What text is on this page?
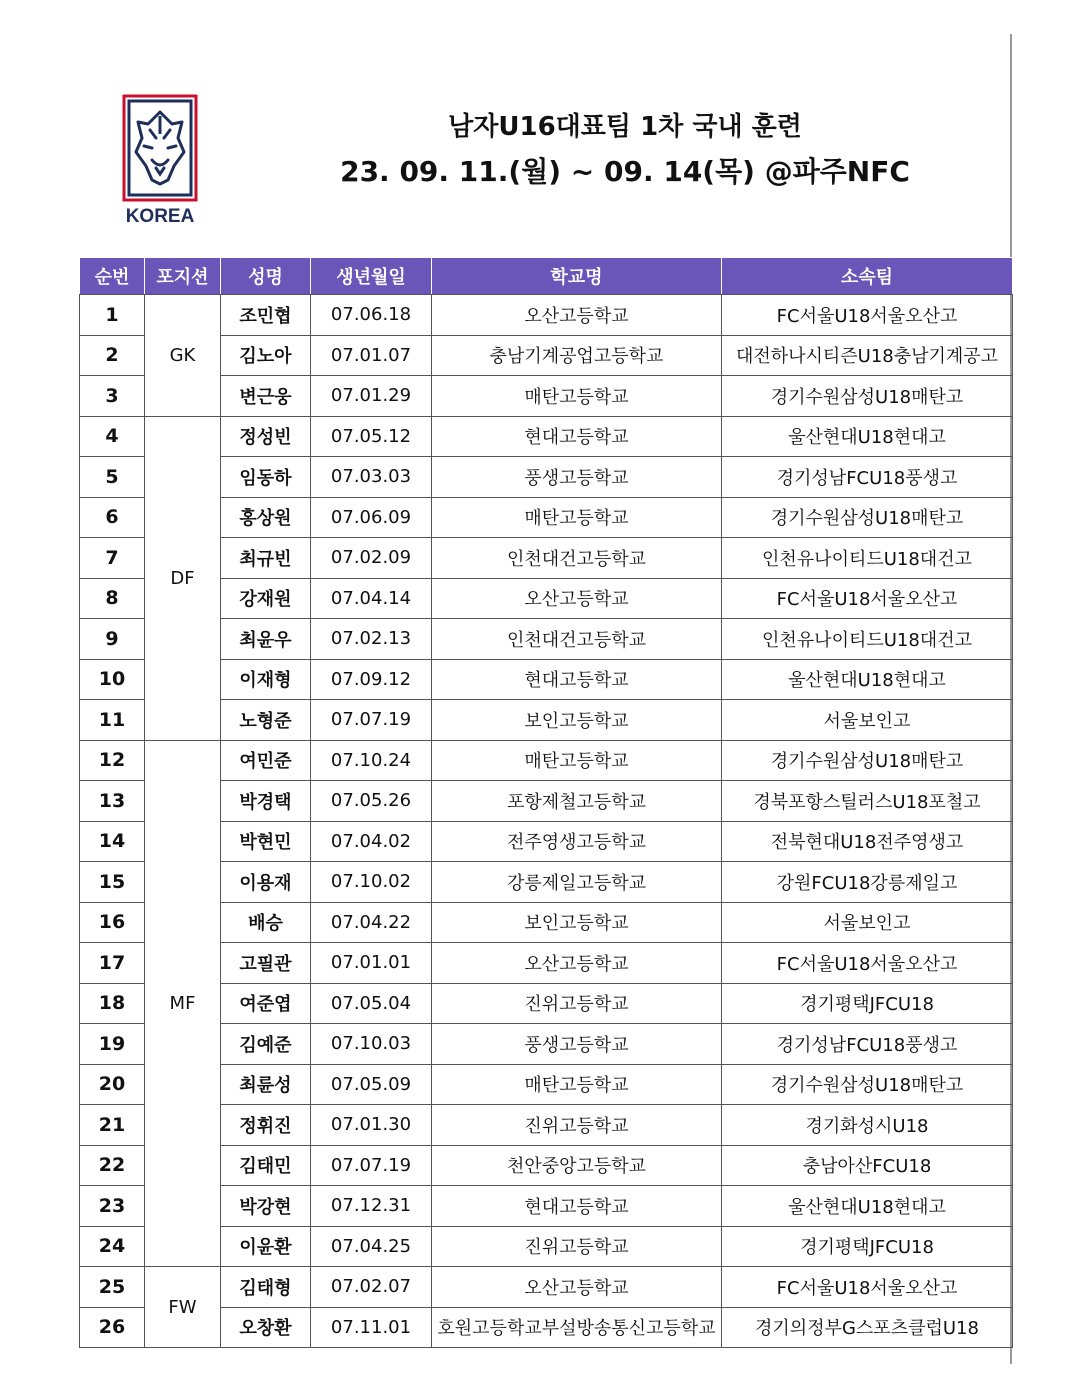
KOREA
남자U16대표팀 1차 국내 훈련
23. 09. 11.(월) ~ 09. 14(목) @파주NFC
순번	포지션	성명	생년월일	학교명	소속팀
1	GK	조민협	07.06.18	오산고등학교	FC서울U18서울오산고
2		김노아	07.01.07	충남기계공업고등학교	대전하나시티즌U18충남기계공고
3		변근웅	07.01.29	매탄고등학교	경기수원삼성U18매탄고
4	DF	정성빈	07.05.12	현대고등학교	울산현대U18현대고
5		임동하	07.03.03	풍생고등학교	경기성남FCU18풍생고
6		홍상원	07.06.09	매탄고등학교	경기수원삼성U18매탄고
7		최규빈	07.02.09	인천대건고등학교	인천유나이티드U18대건고
8		강재원	07.04.14	오산고등학교	FC서울U18서울오산고
9		최윤우	07.02.13	인천대건고등학교	인천유나이티드U18대건고
10		이재형	07.09.12	현대고등학교	울산현대U18현대고
11		노형준	07.07.19	보인고등학교	서울보인고
12	MF	여민준	07.10.24	매탄고등학교	경기수원삼성U18매탄고
13		박경택	07.05.26	포항제철고등학교	경북포항스틸러스U18포철고
14		박현민	07.04.02	전주영생고등학교	전북현대U18전주영생고
15		이용재	07.10.02	강릉제일고등학교	강원FCU18강릉제일고
16		배승	07.04.22	보인고등학교	서울보인고
17		고필관	07.01.01	오산고등학교	FC서울U18서울오산고
18		여준엽	07.05.04	진위고등학교	경기평택JFCU18
19		김예준	07.10.03	풍생고등학교	경기성남FCU18풍생고
20		최륜성	07.05.09	매탄고등학교	경기수원삼성U18매탄고
21		정휘진	07.01.30	진위고등학교	경기화성시U18
22		김태민	07.07.19	천안중앙고등학교	충남아산FCU18
23		박강현	07.12.31	현대고등학교	울산현대U18현대고
24		이윤환	07.04.25	진위고등학교	경기평택JFCU18
25	FW	김태형	07.02.07	오산고등학교	FC서울U18서울오산고
26		오창환	07.11.01	호원고등학교부설방송통신고등학교	경기의정부G스포츠클럽U18
